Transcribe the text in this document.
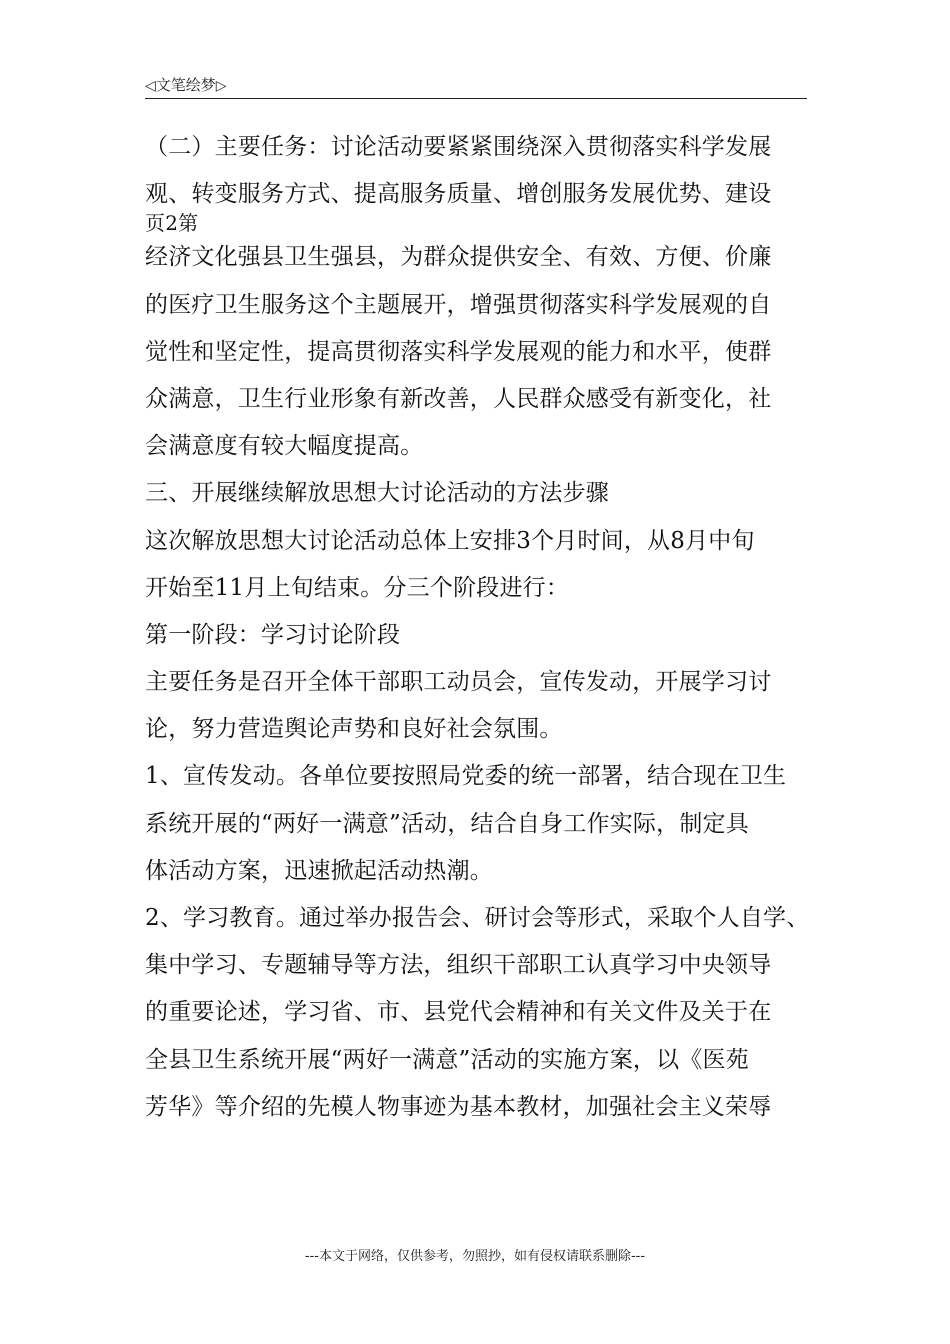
◁文笔绘梦▷
（二）主要任务：讨论活动要紧紧围绕深入贯彻落实科学发展
观、转变服务方式、提高服务质量、增创服务发展优势、建设
页2第
经济文化强县卫生强县，为群众提供安全、有效、方便、价廉
的医疗卫生服务这个主题展开，增强贯彻落实科学发展观的自
觉性和坚定性，提高贯彻落实科学发展观的能力和水平，使群
众满意，卫生行业形象有新改善，人民群众感受有新变化，社
会满意度有较大幅度提高。
三、开展继续解放思想大讨论活动的方法步骤
这次解放思想大讨论活动总体上安排3个月时间，从8月中旬
开始至11月上旬结束。分三个阶段进行：
第一阶段：学习讨论阶段
主要任务是召开全体干部职工动员会，宣传发动，开展学习讨
论，努力营造舆论声势和良好社会氛围。
1、宣传发动。各单位要按照局党委的统一部署，结合现在卫生
系统开展的“两好一满意”活动，结合自身工作实际，制定具
体活动方案，迅速掀起活动热潮。
2、学习教育。通过举办报告会、研讨会等形式，采取个人自学、
集中学习、专题辅导等方法，组织干部职工认真学习中央领导
的重要论述，学习省、市、县党代会精神和有关文件及关于在
全县卫生系统开展“两好一满意”活动的实施方案，以《医苑
芳华》等介绍的先模人物事迹为基本教材，加强社会主义荣辱
---本文于网络，仅供参考，勿照抄，如有侵权请联系删除---
